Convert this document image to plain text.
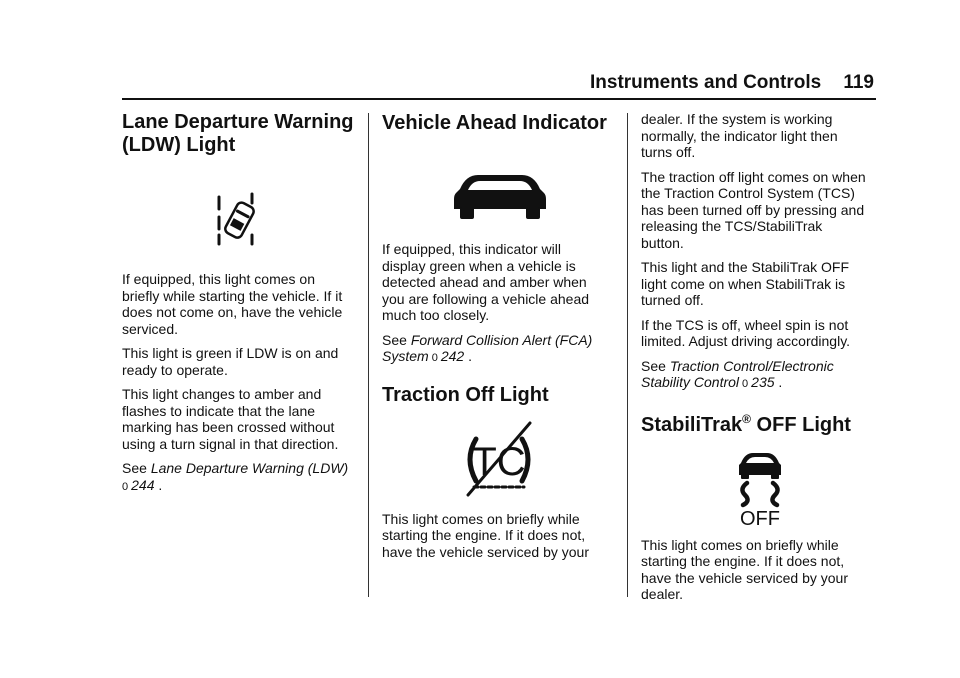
Instruments and Controls 119
Lane Departure Warning
(LDW) Light

If equipped, this light comes on
briefly while starting the vehicle. If it
does not come on, have the vehicle
serviced.

This light is green if LDW is on and
ready to operate.

This light changes to amber and
flashes to indicate that the lane
marking has been crossed without
using a turn signal in that direction.

See Lane Departure Warning (LDW)
0 244 .

Vehicle Ahead Indicator

If equipped, this indicator will
display green when a vehicle is
detected ahead and amber when
you are following a vehicle ahead
much too closely.

See Forward Collision Alert (FCA)
System 0 242 .

Traction Off Light
TC

This light comes on briefly while
starting the engine. If it does not,
have the vehicle serviced by your

dealer. If the system is working
normally, the indicator light then
turns off.

The traction off light comes on when
the Traction Control System (TCS)
has been turned off by pressing and
releasing the TCS/StabiliTrak
button.

This light and the StabiliTrak OFF
light come on when StabiliTrak is
turned off.

If the TCS is off, wheel spin is not
limited. Adjust driving accordingly.

See Traction Control/Electronic
Stability Control 0 235 .

StabiliTrak® OFF Light
OFF

This light comes on briefly while
starting the engine. If it does not,
have the vehicle serviced by your
dealer.
